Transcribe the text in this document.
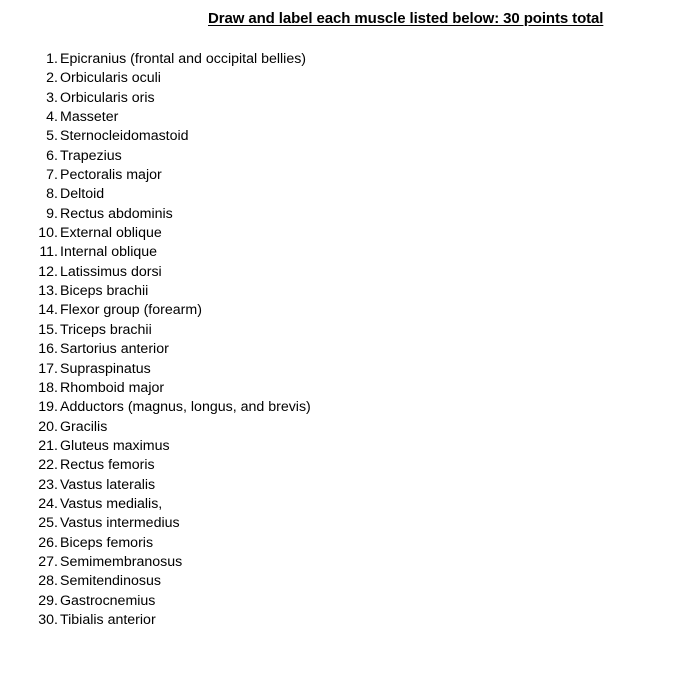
Draw and label each muscle listed below: 30 points total
1. Epicranius (frontal and occipital bellies)
2. Orbicularis oculi
3. Orbicularis oris
4. Masseter
5. Sternocleidomastoid
6. Trapezius
7. Pectoralis major
8. Deltoid
9. Rectus abdominis
10. External oblique
11. Internal oblique
12. Latissimus dorsi
13. Biceps brachii
14. Flexor group (forearm)
15. Triceps brachii
16. Sartorius anterior
17. Supraspinatus
18. Rhomboid major
19. Adductors (magnus, longus, and brevis)
20. Gracilis
21. Gluteus maximus
22. Rectus femoris
23. Vastus lateralis
24. Vastus medialis,
25. Vastus intermedius
26. Biceps femoris
27. Semimembranosus
28. Semitendinosus
29. Gastrocnemius
30. Tibialis anterior
